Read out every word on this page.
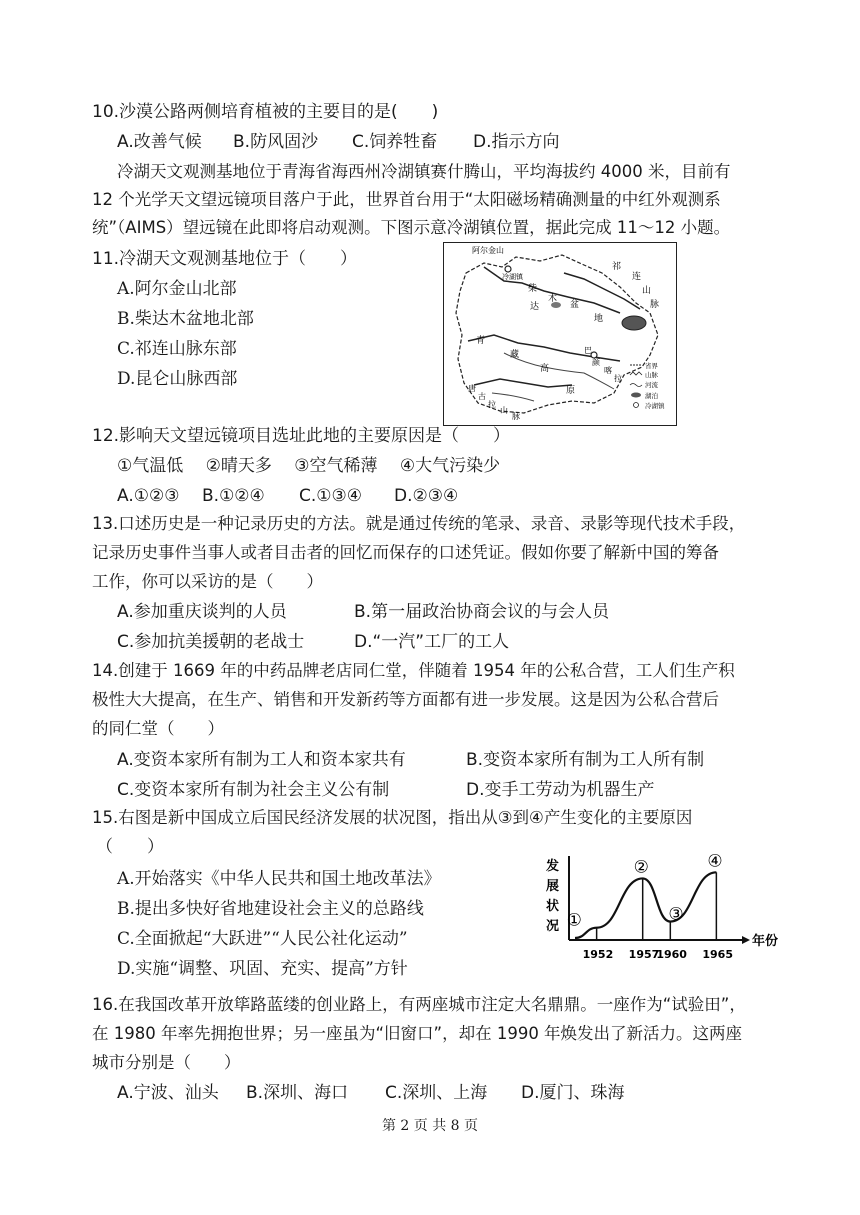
10.沙漠公路两侧培育植被的主要目的是(　　)
A.改善气候 B.防风固沙 C.饲养牲畜 D.指示方向
冷湖天文观测基地位于青海省海西州冷湖镇赛什腾山，平均海拔约 4000 米，目前有
12 个光学天文望远镜项目落户于此，世界首台用于“太阳磁场精确测量的中红外观测系
统”（AIMS）望远镜在此即将启动观测。下图示意冷湖镇位置，据此完成 11～12 小题。
11.冷湖天文观测基地位于（　　）
A.阿尔金山北部
B.柴达木盆地北部
C.祁连山脉东部
D.昆仑山脉西部
阿尔金山
冷湖镇
柴
达
木
盆
地
祁
连
山
脉
青
藏
高
原
巴
颜
喀
拉
唐
古
拉
山
脉
省界
山脉
河流
湖泊
冷湖镇
12.影响天文望远镜项目选址此地的主要原因是（　　）
①气温低　 ②晴天多　 ③空气稀薄　 ④大气污染少
A.①②③ B.①②④ C.①③④ D.②③④
13.口述历史是一种记录历史的方法。就是通过传统的笔录、录音、录影等现代技术手段，
记录历史事件当事人或者目击者的回忆而保存的口述凭证。假如你要了解新中国的筹备
工作，你可以采访的是（　　）
A.参加重庆谈判的人员	B.第一届政治协商会议的与会人员
C.参加抗美援朝的老战士	D.“一汽”工厂的工人
14.创建于 1669 年的中药品牌老店同仁堂，伴随着 1954 年的公私合营，工人们生产积
极性大大提高，在生产、销售和开发新药等方面都有进一步发展。这是因为公私合营后
的同仁堂（　　）
A.变资本家所有制为工人和资本家共有	B.变资本家所有制为工人所有制
C.变资本家所有制为社会主义公有制	D.变手工劳动为机器生产
15.右图是新中国成立后国民经济发展的状况图，指出从③到④产生变化的主要原因
（　　）
A.开始落实《中华人民共和国土地改革法》
B.提出多快好省地建设社会主义的总路线
C.全面掀起“大跃进”“人民公社化运动”
D.实施“调整、巩固、充实、提高”方针
发
展
状
况
年份
1952
①
1957
②
1960
③
1965
④
16.在我国改革开放筚路蓝缕的创业路上，有两座城市注定大名鼎鼎。一座作为“试验田”，
在 1980 年率先拥抱世界；另一座虽为“旧窗口”，却在 1990 年焕发出了新活力。这两座
城市分别是（　　）
A.宁波、汕头 B.深圳、海口 C.深圳、上海 D.厦门、珠海
第 2 页 共 8 页
